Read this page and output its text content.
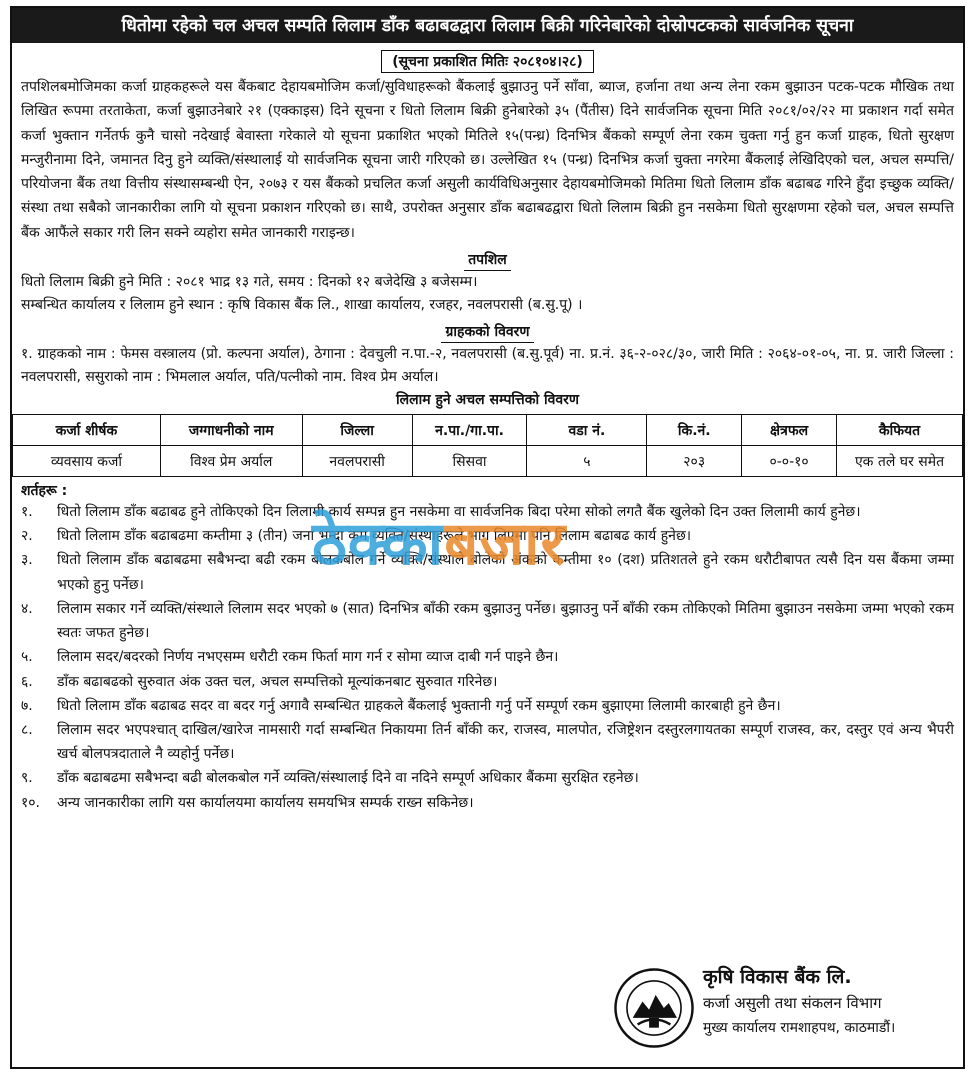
धितोमा रहेको चल अचल सम्पति लिलाम डाँक बढाबढद्वारा लिलाम बिक्री गरिनेबारेको दोस्रोपटकको सार्वजनिक सूचना
(सूचना प्रकाशित मितिः २०८१०४।२८)

तपशिलबमोजिमका कर्जा ग्राहकहरूले यस बैंकबाट देहायबमोजिम कर्जा/सुविधाहरूको बैंकलाई बुझाउनु पर्ने साँवा, ब्याज, हर्जाना तथा अन्य लेना रकम बुझाउन पटक-पटक मौखिक तथा लिखित रूपमा तरताकेता, कर्जा बुझाउनेबारे २१ (एक्काइस) दिने सूचना र धितो लिलाम बिक्री हुनेबारेको ३५ (पैंतीस) दिने सार्वजनिक सूचना मिति २०८१/०२/२२ मा प्रकाशन गर्दा समेत कर्जा भुक्तान गर्नेतर्फ कुनै चासो नदेखाई बेवास्ता गरेकाले यो सूचना प्रकाशित भएको मितिले १५(पन्ध्र) दिनभित्र बैंकको सम्पूर्ण लेना रकम चुक्ता गर्नु हुन कर्जा ग्राहक, धितो सुरक्षण मन्जुरीनामा दिने, जमानत दिनु हुने व्यक्ति/संस्थालाई यो सार्वजनिक सूचना जारी गरिएको छ। उल्लेखित १५ (पन्ध्र) दिनभित्र कर्जा चुक्ता नगरेमा बैंकलाई लेखिदिएको चल, अचल सम्पत्ति/परियोजना बैंक तथा वित्तीय संस्थासम्बन्धी ऐन, २०७३ र यस बैंकको प्रचलित कर्जा असुली कार्यविधिअनुसार देहायबमोजिमको मितिमा धितो लिलाम डाँक बढाबढ गरिने हुँदा इच्छुक व्यक्ति/संस्था तथा सबैको जानकारीका लागि यो सूचना प्रकाशन गरिएको छ। साथै, उपरोक्त अनुसार डाँक बढाबढद्वारा धितो लिलाम बिक्री हुन नसकेमा धितो सुरक्षणमा रहेको चल, अचल सम्पत्ति बैंक आफैंले सकार गरी लिन सक्ने व्यहोरा समेत जानकारी गराइन्छ।

तपशिल
धितो लिलाम बिक्री हुने मिति : २०८१ भाद्र १३ गते, समय : दिनको १२ बजेदेखि ३ बजेसम्म।
सम्बन्धित कार्यालय र लिलाम हुने स्थान : कृषि विकास बैंक लि., शाखा कार्यालय, रजहर, नवलपरासी (ब.सु.पू) ।
ग्राहकको विवरण
१. ग्राहकको नाम : फेमस वस्त्रालय (प्रो. कल्पना अर्याल), ठेगाना : देवचुली न.पा.-२, नवलपरासी (ब.सु.पूर्व) ना. प्र.नं. ३६-२-०२८/३०, जारी मिति : २०६४-०१-०५, ना. प्र. जारी जिल्ला : नवलपरासी, ससुराको नाम : भिमलाल अर्याल, पति/पत्नीको नाम. विश्व प्रेम अर्याल।
लिलाम हुने अचल सम्पत्तिको विवरण
कर्जा शीर्षक	जग्गाधनीको नाम	जिल्ला	न.पा./गा.पा.	वडा नं.	कि.नं.	क्षेत्रफल	कैफियत
व्यवसाय कर्जा	विश्व प्रेम अर्याल	नवलपरासी	सिसवा	५	२०३	०-०-१०	एक तले घर समेत
शर्तहरू :
१.	धितो लिलाम डाँक बढाबढ हुने तोकिएको दिन लिलामी कार्य सम्पन्न हुन नसकेमा वा सार्वजनिक बिदा परेमा सोको लगतै बैंक खुलेको दिन उक्त लिलामी कार्य हुनेछ।
२.	धितो लिलाम डाँक बढाबढमा कम्तीमा ३ (तीन) जना भन्दा कम व्यक्ति/संस्थाहरूले भाग लिएमा पनि लिलाम बढाबढ कार्य हुनेछ।
३.	धितो लिलाम डाँक बढाबढमा सबैभन्दा बढी रकम बोलकबोल गर्ने व्यक्ति/संस्थाले बोलेको अंकको कम्तीमा १० (दश) प्रतिशतले हुने रकम धरौटीबापत त्यसै दिन यस बैंकमा जम्मा भएको हुनु पर्नेछ।
४.	लिलाम सकार गर्ने व्यक्ति/संस्थाले लिलाम सदर भएको ७ (सात) दिनभित्र बाँकी रकम बुझाउनु पर्नेछ। बुझाउनु पर्ने बाँकी रकम तोकिएको मितिमा बुझाउन नसकेमा जम्मा भएको रकम स्वतः जफत हुनेछ।
५.	लिलाम सदर/बदरको निर्णय नभएसम्म धरौटी रकम फिर्ता माग गर्न र सोमा व्याज दाबी गर्न पाइने छैन।
६.	डाँक बढाबढको सुरुवात अंक उक्त चल, अचल सम्पत्तिको मूल्यांकनबाट सुरुवात गरिनेछ।
७.	धितो लिलाम डाँक बढाबढ सदर वा बदर गर्नु अगावै सम्बन्धित ग्राहकले बैंकलाई भुक्तानी गर्नु पर्ने सम्पूर्ण रकम बुझाएमा लिलामी कारबाही हुने छैन।
८.	लिलाम सदर भएपश्चात् दाखिल/खारेज नामसारी गर्दा सम्बन्धित निकायमा तिर्न बाँकी कर, राजस्व, मालपोत, रजिष्ट्रेशन दस्तुरलगायतका सम्पूर्ण राजस्व, कर, दस्तुर एवं अन्य भैपरी खर्च बोलपत्रदाताले नै व्यहोर्नु पर्नेछ।
९.	डाँक बढाबढमा सबैभन्दा बढी बोलकबोल गर्ने व्यक्ति/संस्थालाई दिने वा नदिने सम्पूर्ण अधिकार बैंकमा सुरक्षित रहनेछ।
१०.	अन्य जानकारीका लागि यस कार्यालयमा कार्यालय समयभित्र सम्पर्क राख्न सकिनेछ।
कृषि विकास बैंक लि.
कर्जा असुली तथा संकलन विभाग
मुख्य कार्यालय रामशाहपथ, काठमाडौं।
ठेक्काबजार
